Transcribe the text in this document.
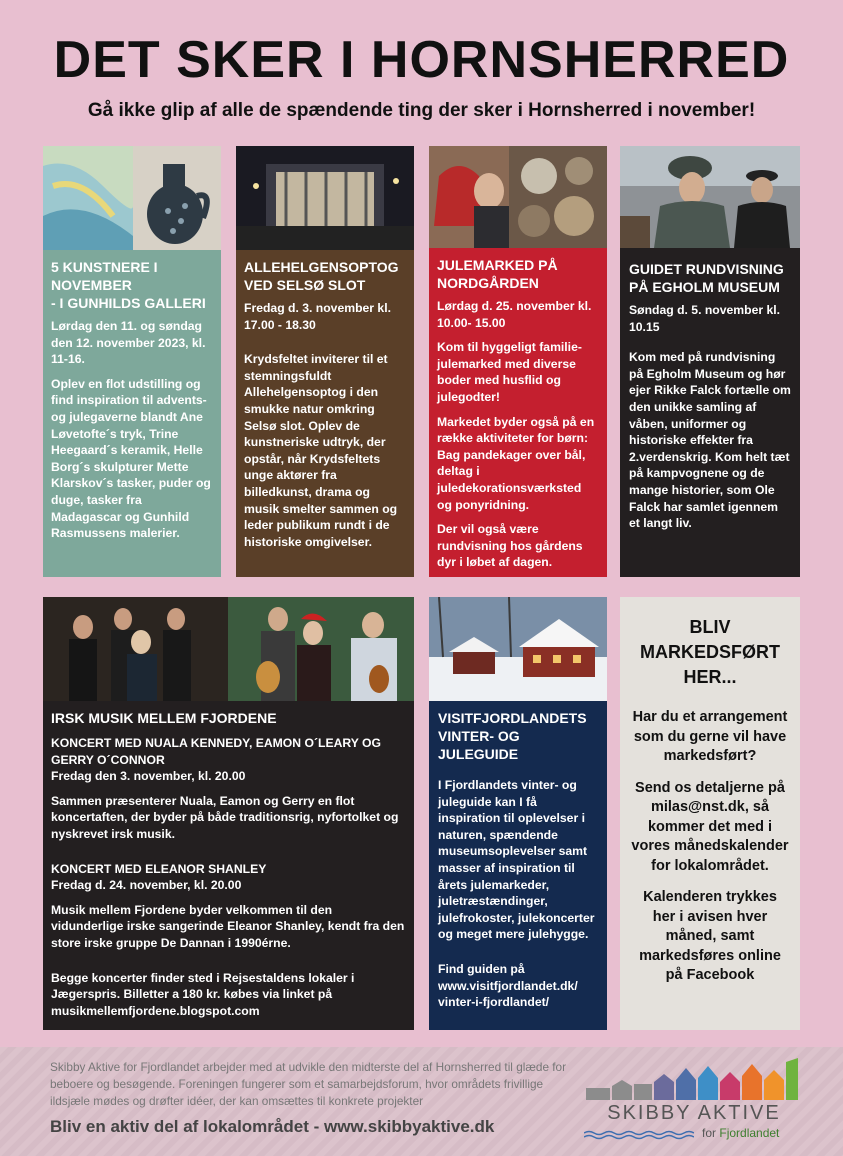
DET SKER I HORNSHERRED
Gå ikke glip af alle de spændende ting der sker i Hornsherred i november!
5 KUNSTNERE I
NOVEMBER
- I GUNHILDS GALLERI

Lørdag den 11. og søndag den 12. november 2023, kl. 11-16.

Oplev en flot udstilling og find inspiration til advents- og julegaverne blandt Ane Løvetofte´s tryk, Trine Heegaard´s keramik, Helle Borg´s skulpturer Mette Klarskov´s tasker, puder og duge, tasker fra Madagascar og Gunhild Rasmussens malerier.

ALLEHELGENSOPTOG
VED SELSØ SLOT

Fredag d. 3. november kl. 17.00 - 18.30

Krydsfeltet inviterer til et stemningsfuldt Allehelgensoptog i den smukke natur omkring Selsø slot. Oplev de kunstneriske udtryk, der opstår, når Krydsfeltets unge aktører fra billedkunst, drama og musik smelter sammen og leder publikum rundt i de historiske omgivelser.

JULEMARKED PÅ
NORDGÅRDEN

Lørdag d. 25. november kl. 10.00- 15.00

Kom til hyggeligt familie-julemarked med diverse boder med husflid og julegodter!

Markedet byder også på en række aktiviteter for børn: Bag pandekager over bål, deltag i juledekorationsværksted og ponyridning.

Der vil også være rundvisning hos gårdens dyr i løbet af dagen.

GUIDET RUNDVISNING
PÅ EGHOLM MUSEUM

Søndag d. 5. november kl. 10.15

Kom med på rundvisning på Egholm Museum og hør ejer Rikke Falck fortælle om den unikke samling af våben, uniformer og historiske effekter fra 2.verdenskrig. Kom helt tæt på kampvognene og de mange historier, som Ole Falck har samlet igennem et langt liv.

IRSK MUSIK MELLEM FJORDENE

KONCERT MED NUALA KENNEDY, EAMON O´LEARY OG GERRY O´CONNOR

Fredag den 3. november, kl. 20.00

Sammen præsenterer Nuala, Eamon og Gerry en flot koncertaften, der byder på både traditionsrig, nyfortolket og nyskrevet irsk musik.

KONCERT MED ELEANOR SHANLEY

Fredag d. 24. november, kl. 20.00

Musik mellem Fjordene byder velkommen til den vidunderlige irske sangerinde Eleanor Shanley, kendt fra den store irske gruppe De Dannan i 1990érne.

Begge koncerter finder sted i Rejsestaldens lokaler i Jægerspris. Billetter a 180 kr. købes via linket på musikmellemfjordene.blogspot.com

VISITFJORDLANDETS
VINTER- OG JULEGUIDE

I Fjordlandets vinter- og juleguide kan I få inspiration til oplevelser i naturen, spændende museumsoplevelser samt masser af inspiration til årets julemarkeder, juletræstændinger, julefrokoster, julekoncerter og meget mere julehygge.

Find guiden på www.visitfjordlandet.dk/ vinter-i-fjordlandet/

BLIV MARKEDSFØRT HER...

Har du et arrangement som du gerne vil have markedsført?

Send os detaljerne på milas@nst.dk, så kommer det med i vores månedskalender for lokalområdet.

Kalenderen trykkes her i avisen hver måned, samt markedsføres online på Facebook

Skibby Aktive for Fjordlandet arbejder med at udvikle den midterste del af Hornsherred til glæde for beboere og besøgende. Foreningen fungerer som et samarbejdsforum, hvor områdets frivillige ildsjæle mødes og drøfter idéer, der kan omsættes til konkrete projekter
Bliv en aktiv del af lokalområdet - www.skibbyaktive.dk
SKIBBY AKTIVE
for Fjordlandet
